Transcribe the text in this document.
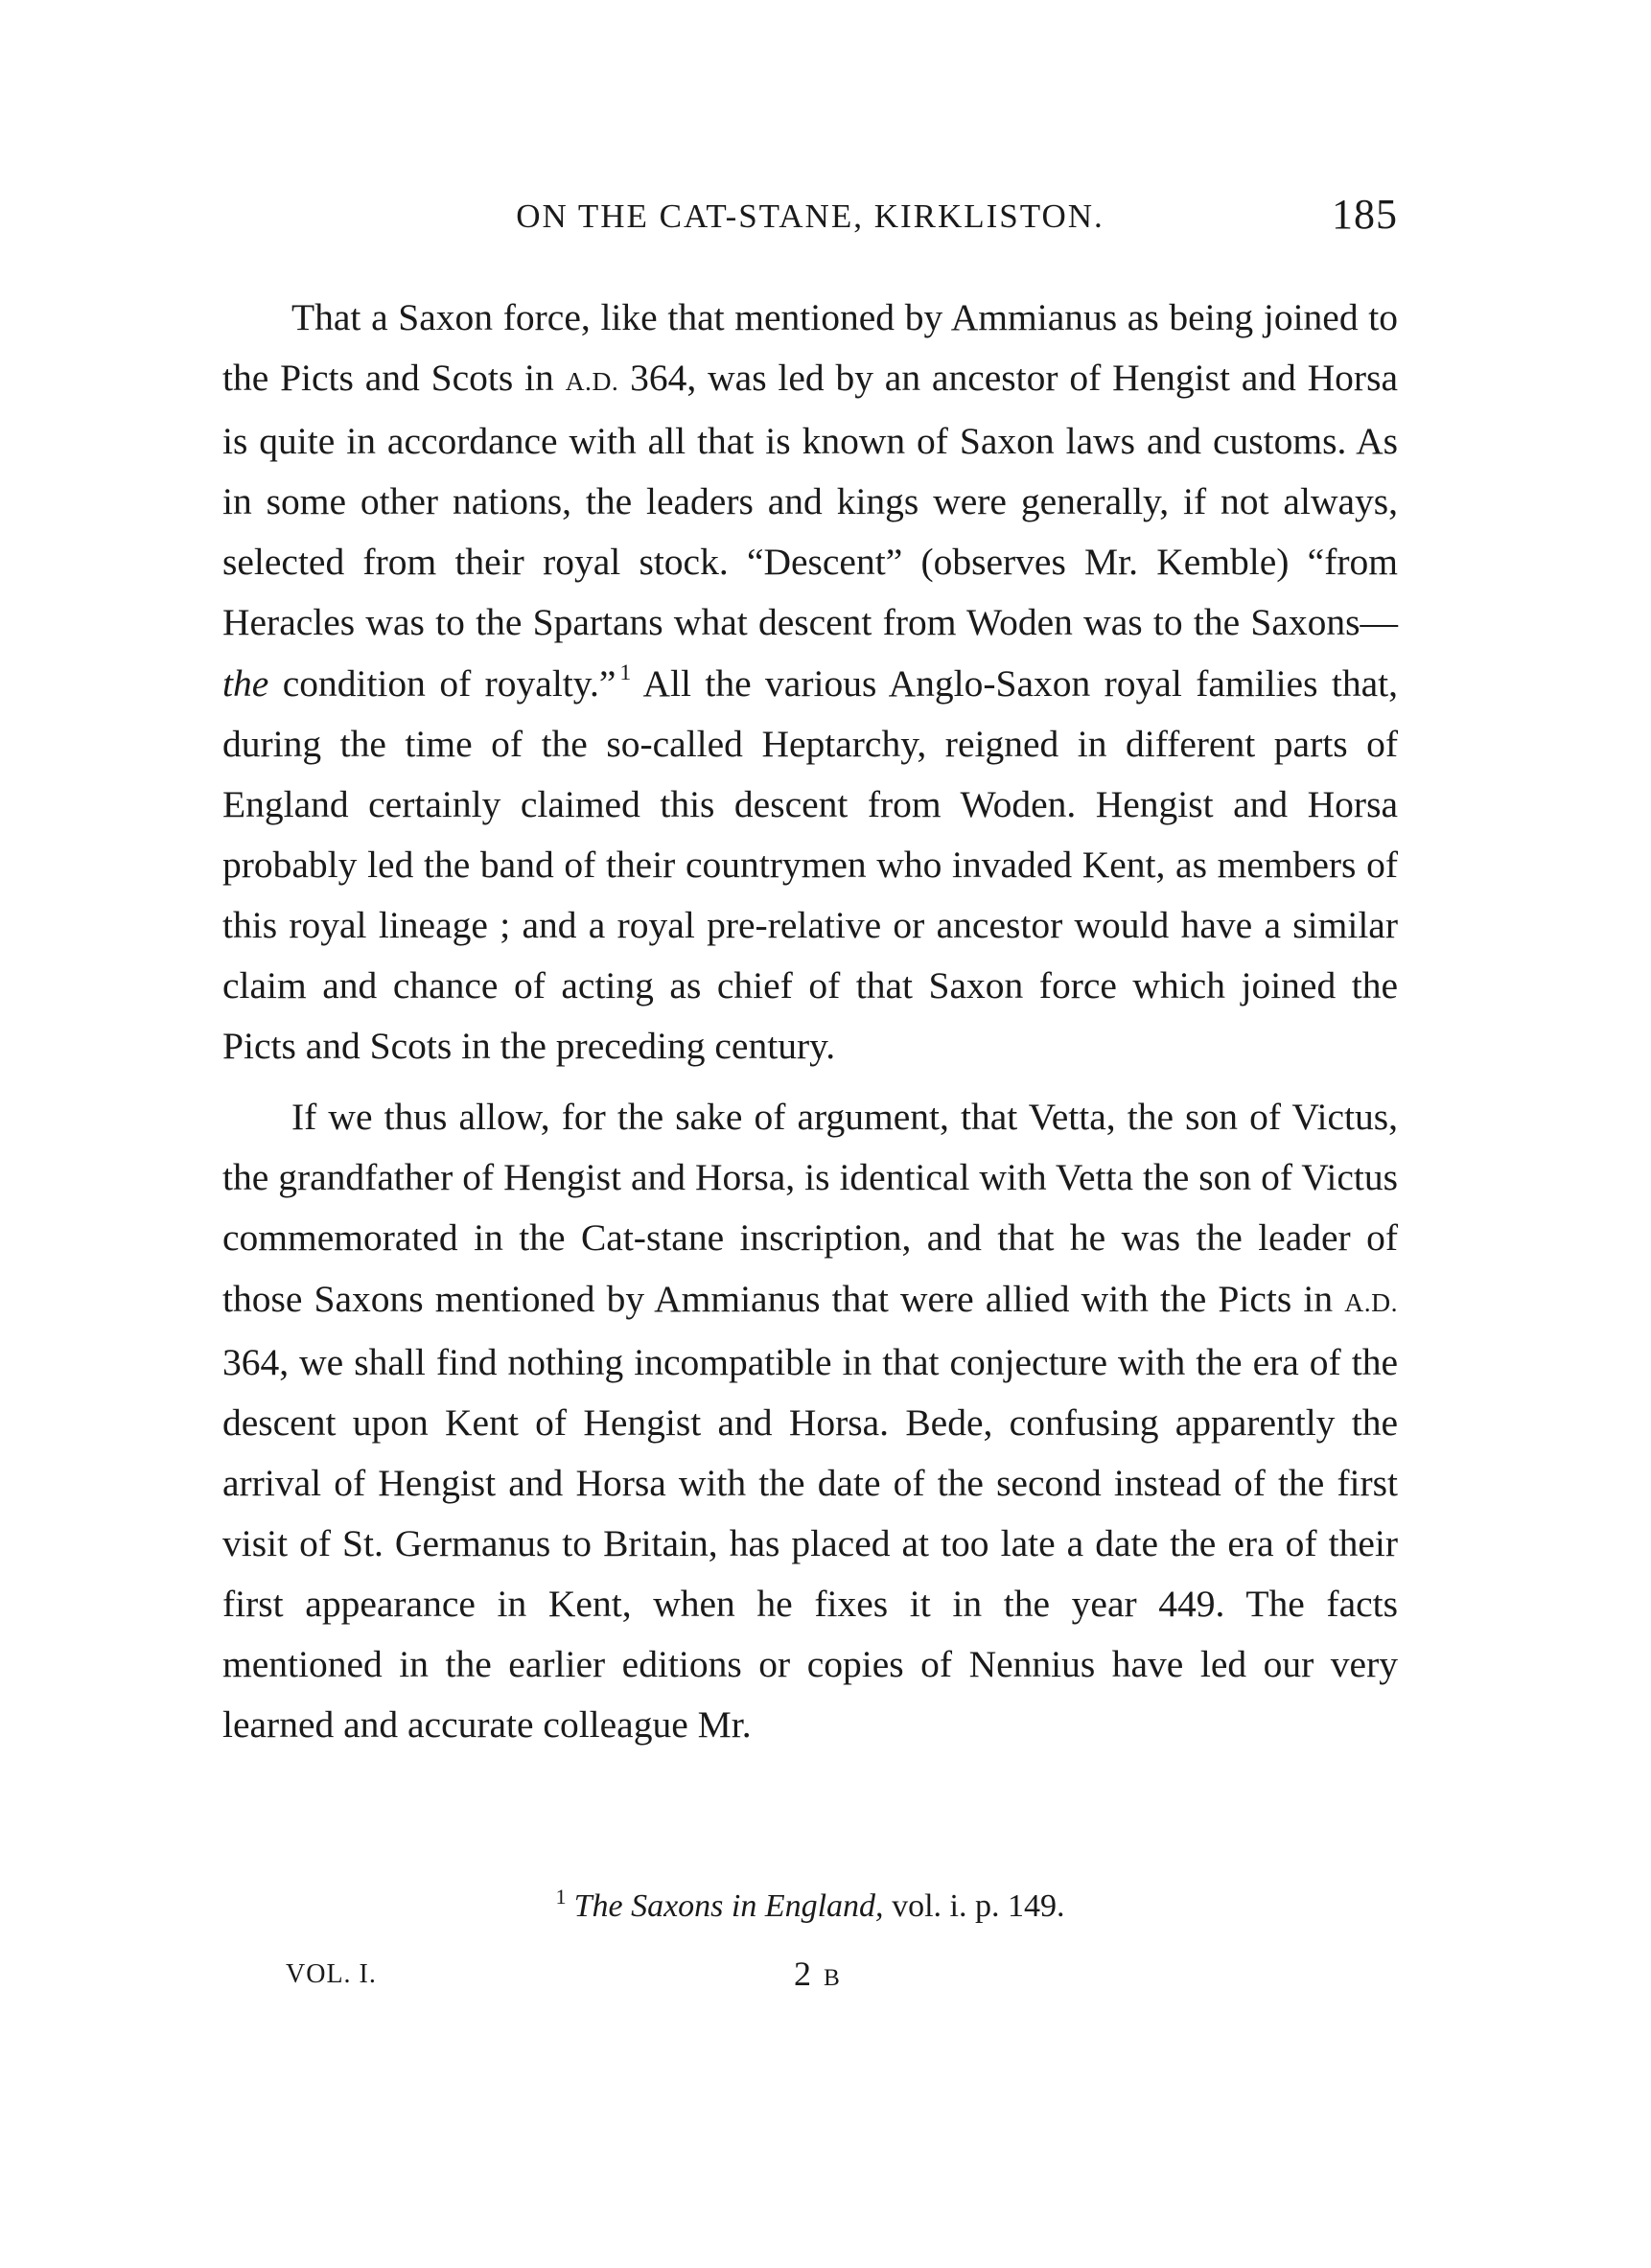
ON THE CAT-STANE, KIRKLISTON.	185

That a Saxon force, like that mentioned by Ammianus as being joined to the Picts and Scots in A.D. 364, was led by an ancestor of Hengist and Horsa is quite in accordance with all that is known of Saxon laws and customs. As in some other nations, the leaders and kings were generally, if not always, selected from their royal stock. “Descent” (observes Mr. Kemble) “from Heracles was to the Spartans what descent from Woden was to the Saxons—the condition of royalty.” $^1$ All the various Anglo-Saxon royal families that, during the time of the so-called Heptarchy, reigned in different parts of England certainly claimed this descent from Woden. Hengist and Horsa probably led the band of their countrymen who invaded Kent, as members of this royal lineage ; and a royal pre-relative or ancestor would have a similar claim and chance of acting as chief of that Saxon force which joined the Picts and Scots in the preceding century.

If we thus allow, for the sake of argument, that Vetta, the son of Victus, the grandfather of Hengist and Horsa, is identical with Vetta the son of Victus commemorated in the Cat-stane inscription, and that he was the leader of those Saxons mentioned by Ammianus that were allied with the Picts in A.D. 364, we shall find nothing incompatible in that conjecture with the era of the descent upon Kent of Hengist and Horsa. Bede, confusing apparently the arrival of Hengist and Horsa with the date of the second instead of the first visit of St. Germanus to Britain, has placed at too late a date the era of their first appearance in Kent, when he fixes it in the year 449. The facts mentioned in the earlier editions or copies of Nennius have led our very learned and accurate colleague Mr.

$^1$ The Saxons in England, vol. i. p. 149.
VOL. I.	2 B
